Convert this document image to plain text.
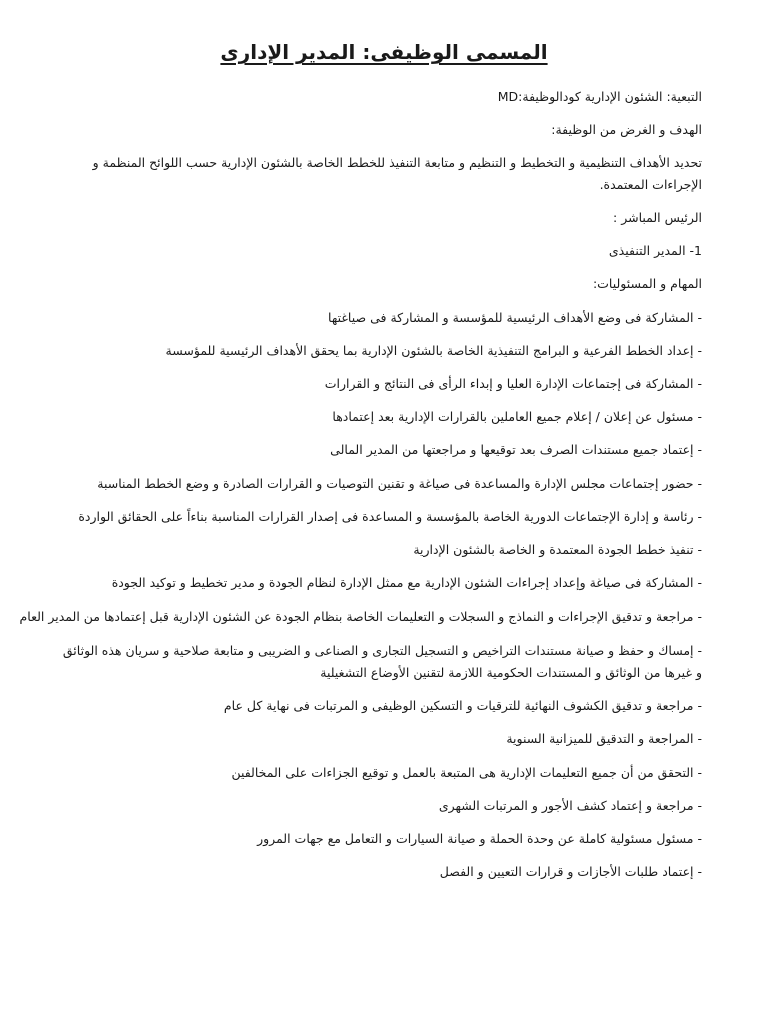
المسمى الوظيفى: المدير الإدارى
التبعية: الشئون الإدارية كودالوظيفة:MD
الهدف و الغرض من الوظيفة:
تحديد الأهداف التنظيمية و التخطيط و التنظيم و متابعة التنفيذ للخطط الخاصة بالشئون الإدارية حسب اللوائح المنظمة و الإجراءات المعتمدة.
الرئيس المباشر :
1- المدير التنفيذى
المهام و المسئوليات:
- المشاركة فى وضع الأهداف الرئيسية للمؤسسة و المشاركة فى صياغتها
- إعداد الخطط الفرعية و البرامج التنفيذية الخاصة بالشئون الإدارية بما يحقق الأهداف الرئيسية للمؤسسة
- المشاركة فى إجتماعات الإدارة العليا و إبداء الرأى فى النتائج و القرارات
- مسئول عن إعلان / إعلام جميع العاملين بالقرارات الإدارية بعد إعتمادها
- إعتماد جميع مستندات الصرف بعد توقيعها و مراجعتها من المدير المالى
- حضور إجتماعات مجلس الإدارة والمساعدة فى صياغة و تقنين التوصيات و القرارات الصادرة و وضع الخطط المناسبة
- رئاسة و إدارة الإجتماعات الدورية الخاصة بالمؤسسة و المساعدة فى إصدار القرارات المناسبة بناءاً على الحقائق الواردة
- تنفيذ خطط الجودة المعتمدة و الخاصة بالشئون الإدارية
- المشاركة فى صياغة وإعداد إجراءات الشئون الإدارية مع ممثل الإدارة لنظام الجودة و مدير تخطيط و توكيد الجودة
- مراجعة و تدقيق الإجراءات و النماذج و السجلات و التعليمات الخاصة بنظام الجودة عن الشئون الإدارية قبل إعتمادها من المدير العام
- إمساك و حفظ و صيانة مستندات التراخيص و التسجيل التجارى و الصناعى و الضريبى و متابعة صلاحية و سريان هذه الوثائق و غيرها من الوثائق و المستندات الحكومية اللازمة لتقنين الأوضاع التشغيلية
- مراجعة و تدقيق الكشوف النهائية للترقيات و التسكين الوظيفى و المرتبات فى نهاية كل عام
- المراجعة و التدقيق للميزانية السنوية
- التحقق من أن جميع التعليمات الإدارية هى المتبعة بالعمل و توقيع الجزاءات على المخالفين
- مراجعة و إعتماد كشف الأجور و المرتبات الشهرى
- مسئول مسئولية كاملة عن وحدة الحملة و صيانة السيارات و التعامل مع جهات المرور
- إعتماد طلبات الأجازات و قرارات التعيين و الفصل
